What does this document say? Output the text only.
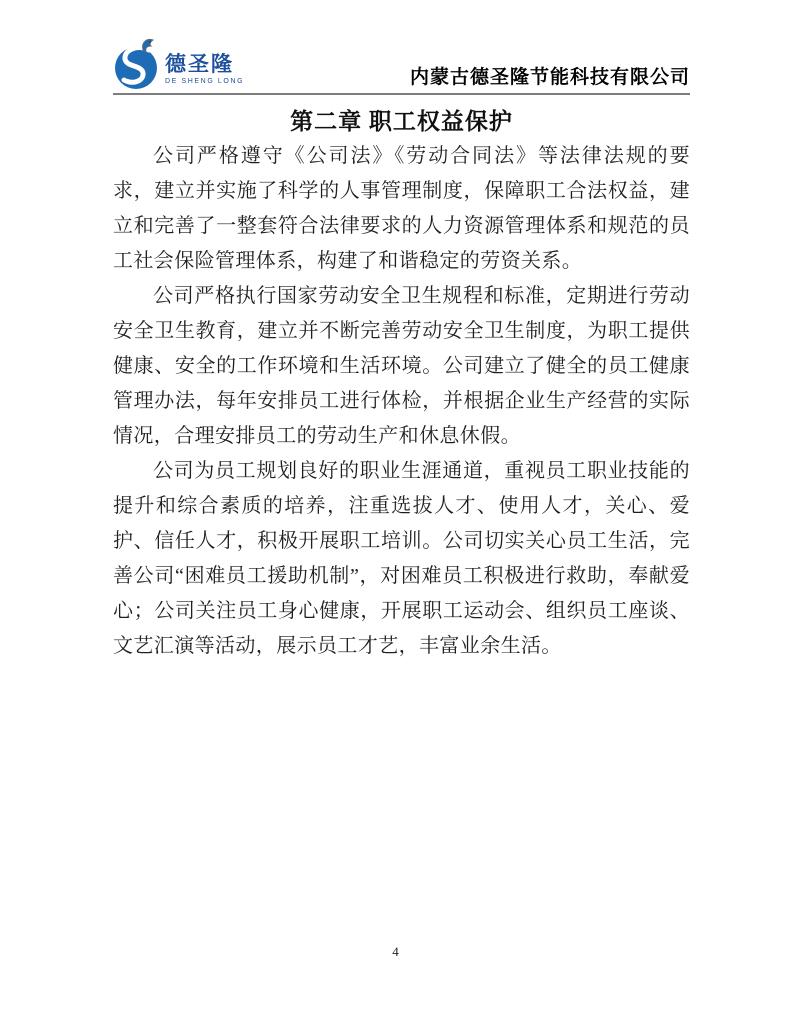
德圣隆
DE SHENG LONG	内蒙古德圣隆节能科技有限公司
第二章 职工权益保护

公司严格遵守《公司法》《劳动合同法》等法律法规的要求，建立并实施了科学的人事管理制度，保障职工合法权益，建立和完善了一整套符合法律要求的人力资源管理体系和规范的员工社会保险管理体系，构建了和谐稳定的劳资关系。

公司严格执行国家劳动安全卫生规程和标准，定期进行劳动安全卫生教育，建立并不断完善劳动安全卫生制度，为职工提供健康、安全的工作环境和生活环境。公司建立了健全的员工健康管理办法，每年安排员工进行体检，并根据企业生产经营的实际情况，合理安排员工的劳动生产和休息休假。

公司为员工规划良好的职业生涯通道，重视员工职业技能的提升和综合素质的培养，注重选拔人才、使用人才，关心、爱护、信任人才，积极开展职工培训。公司切实关心员工生活，完善公司“困难员工援助机制”，对困难员工积极进行救助，奉献爱心；公司关注员工身心健康，开展职工运动会、组织员工座谈、文艺汇演等活动，展示员工才艺，丰富业余生活。

4
